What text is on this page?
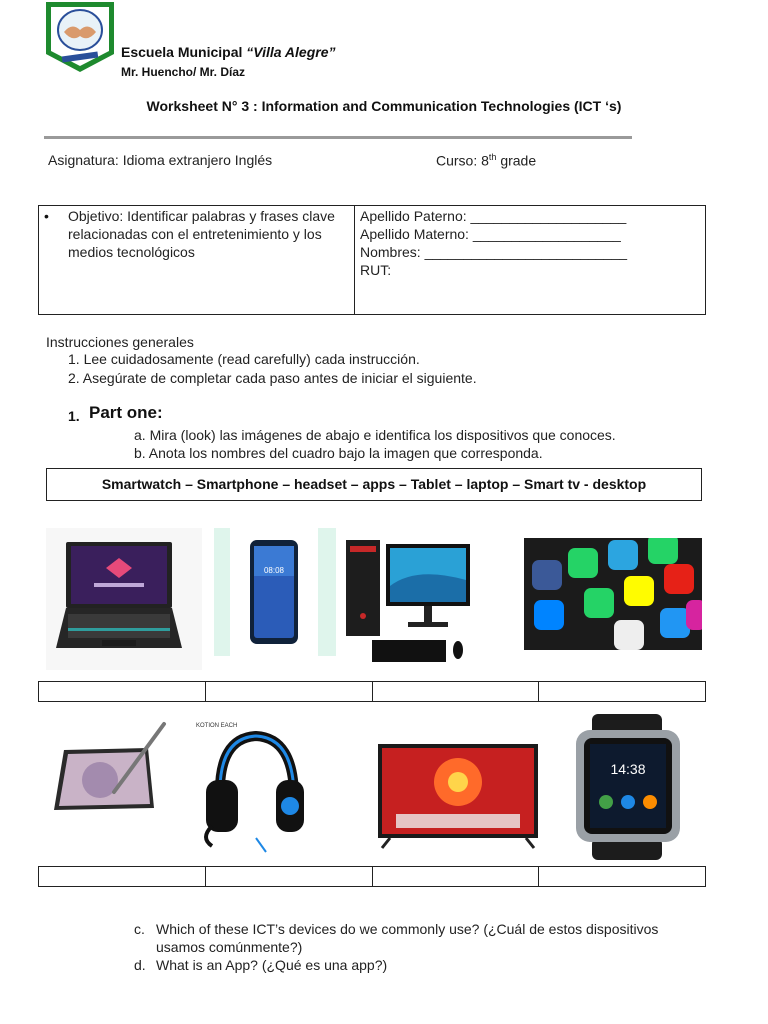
Escuela Municipal “Villa Alegre”
Mr. Huencho/ Mr. Díaz
Worksheet N° 3 : Information and Communication Technologies (ICT ‘s)
Asignatura: Idioma extranjero Inglés	Curso: 8th grade
• Objetivo: Identificar palabras y frases clave relacionadas con el entretenimiento y los medios tecnológicos
Apellido Paterno: ____________________
Apellido Materno: ___________________
Nombres: __________________________
RUT:
Instrucciones generales
1. Lee cuidadosamente (read carefully) cada instrucción.
2. Asegúrate de completar cada paso antes de iniciar el siguiente.
1. Part one:
a. Mira (look) las imágenes de abajo e identifica los dispositivos que conoces.
b. Anota los nombres del cuadro bajo la imagen que corresponda.
Smartwatch – Smartphone – headset – apps – Tablet – laptop – Smart tv - desktop
08:08
KOTION EACH
14:38
c. Which of these ICT’s devices do we commonly use? (¿Cuál de estos dispositivos
usamos comúnmente?)
d. What is an App? (¿Qué es una app?)
